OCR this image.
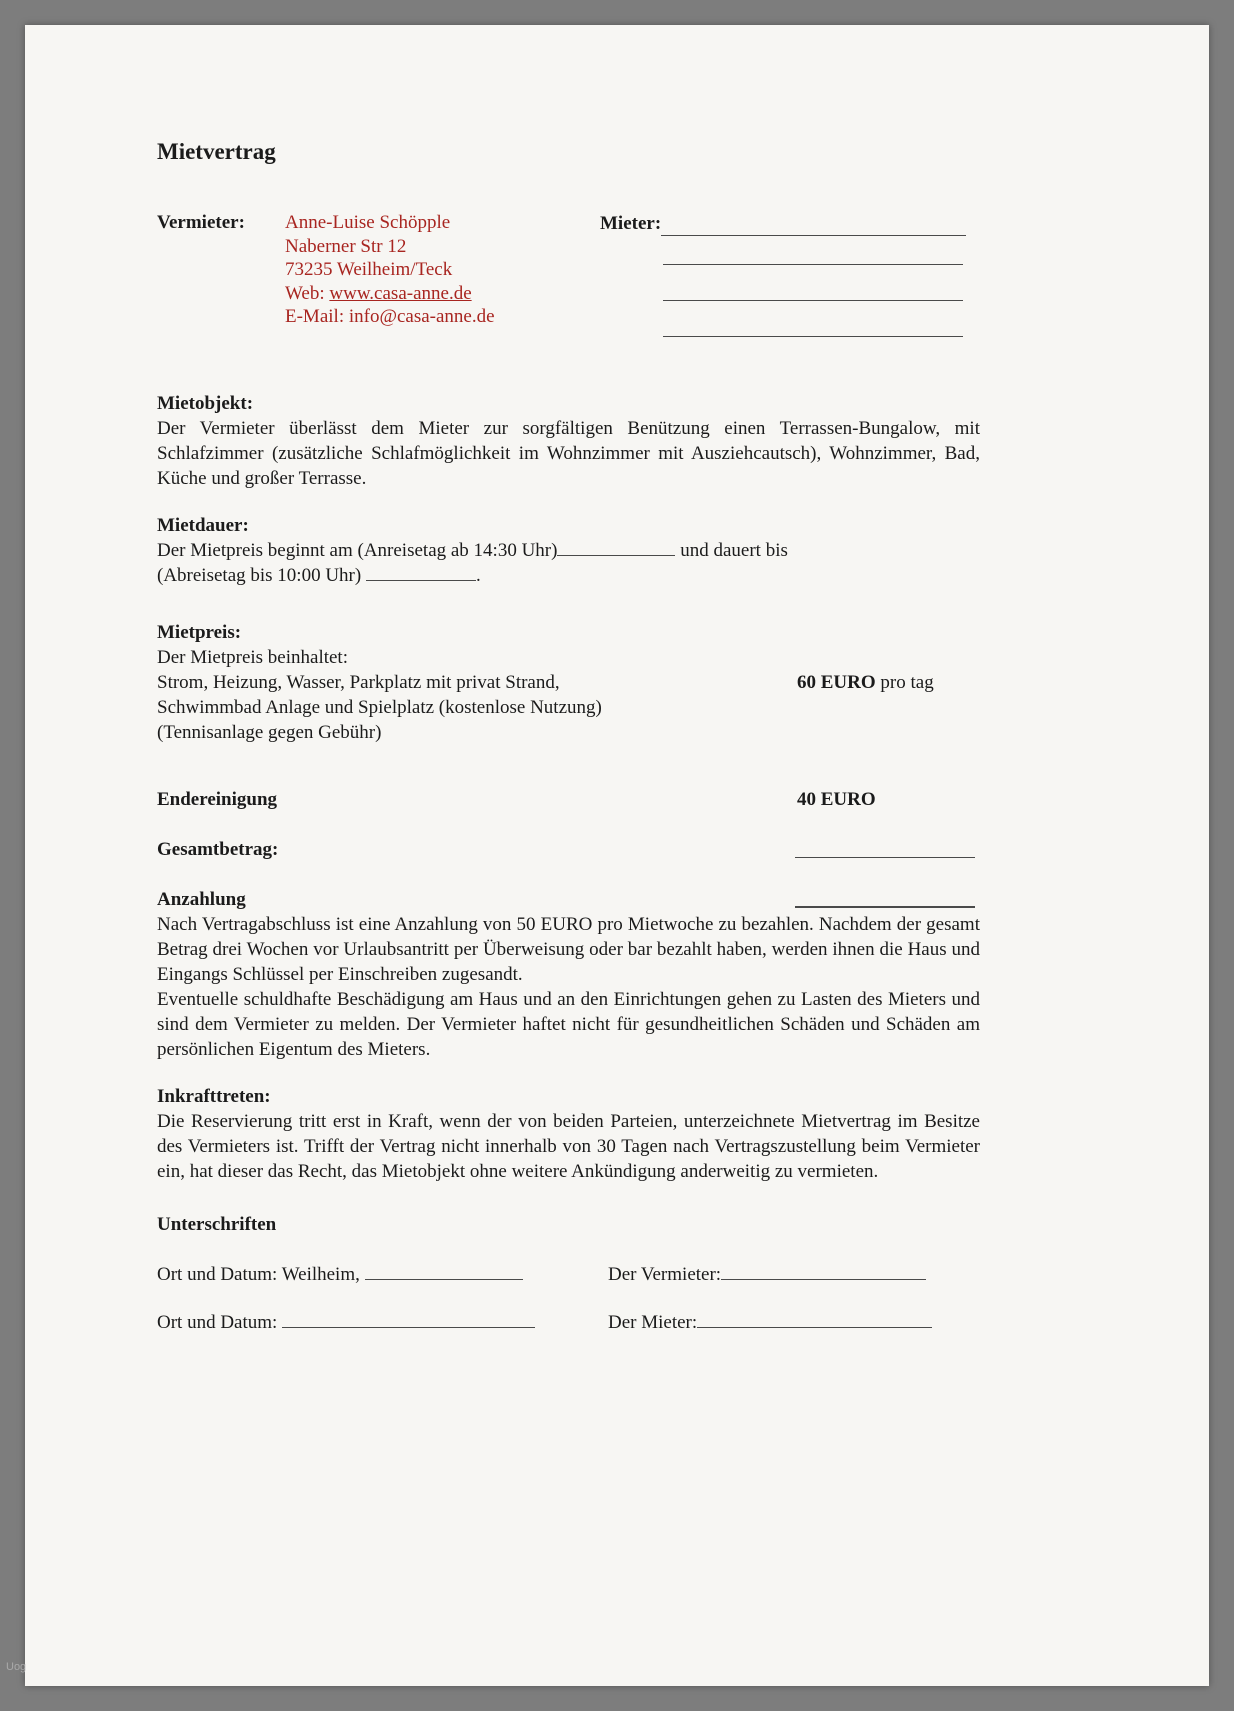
Mietvertrag
Vermieter:	Anne-Luise Schöpple
Naberner Str 12
73235 Weilheim/Teck
Web: www.casa-anne.de
E-Mail: info@casa-anne.de
Mieter:

Mietobjekt:

Der Vermieter überlässt dem Mieter zur sorgfältigen Benützung einen Terrassen-Bungalow, mit Schlafzimmer (zusätzliche Schlafmöglichkeit im Wohnzimmer mit Ausziehcautsch), Wohnzimmer, Bad, Küche und großer Terrasse.

Mietdauer:
Der Mietpreis beginnt am (Anreisetag ab 14:30 Uhr)	und dauert bis
(Abreisetag bis 10:00 Uhr)	.
Mietpreis:
Der Mietpreis beinhaltet:
Strom, Heizung, Wasser, Parkplatz mit privat Strand,	60 EURO pro tag
Schwimmbad Anlage und Spielplatz (kostenlose Nutzung)
(Tennisanlage gegen Gebühr)
Endereinigung	40 EURO
Gesamtbetrag:
Anzahlung

Nach Vertragabschluss ist eine Anzahlung von 50 EURO pro Mietwoche zu bezahlen. Nachdem der gesamt Betrag drei Wochen vor Urlaubsantritt per Überweisung oder bar bezahlt haben, werden ihnen die Haus und Eingangs Schlüssel per Einschreiben zugesandt.

Eventuelle schuldhafte Beschädigung am Haus und an den Einrichtungen gehen zu Lasten des Mieters und sind dem Vermieter zu melden. Der Vermieter haftet nicht für gesundheitlichen Schäden und Schäden am persönlichen Eigentum des Mieters.

Inkrafttreten:

Die Reservierung tritt erst in Kraft, wenn der von beiden Parteien, unterzeichnete Mietvertrag im Besitze des Vermieters ist. Trifft der Vertrag nicht innerhalb von 30 Tagen nach Vertragszustellung beim Vermieter ein, hat dieser das Recht, das Mietobjekt ohne weitere Ankündigung anderweitig zu vermieten.

Unterschriften
Ort und Datum: Weilheim,	Der Vermieter:
Ort und Datum:	Der Mieter:
Uog
